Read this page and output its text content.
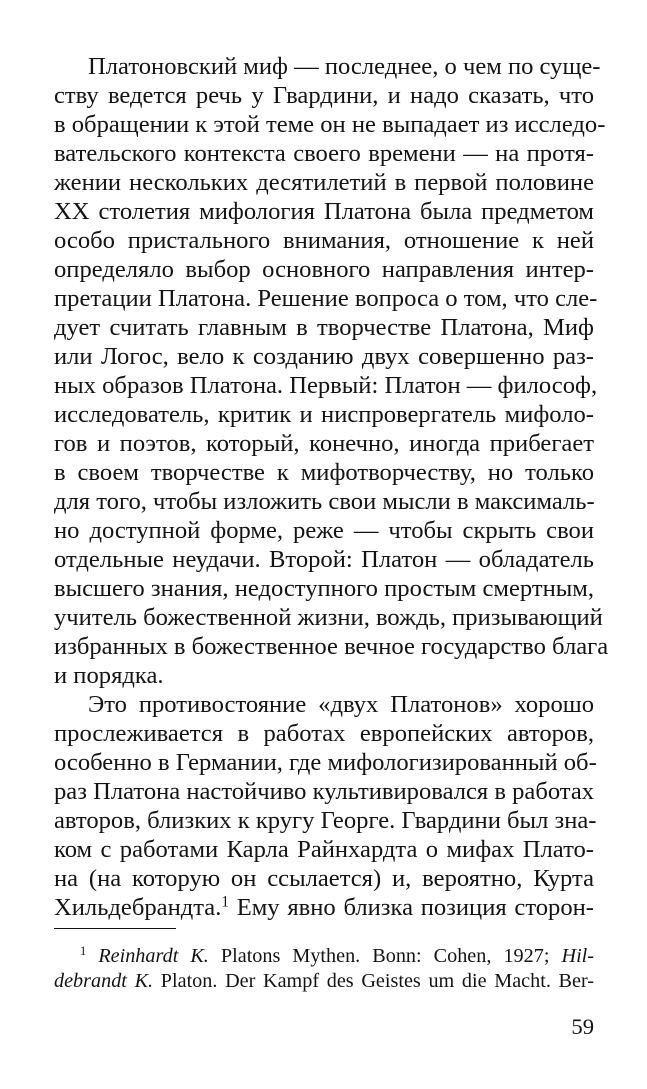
Платоновский миф — последнее, о чем по суще-

ству ведется речь у Гвардини, и надо сказать, что

в обращении к этой теме он не выпадает из исследо-

вательского контекста своего времени — на протя-

жении нескольких десятилетий в первой половине

XX столетия мифология Платона была предметом

особо пристального внимания, отношение к ней

определяло выбор основного направления интер-

претации Платона. Решение вопроса о том, что сле-

дует считать главным в творчестве Платона, Миф

или Логос, вело к созданию двух совершенно раз-

ных образов Платона. Первый: Платон — философ,

исследователь, критик и ниспровергатель мифоло-

гов и поэтов, который, конечно, иногда прибегает

в своем творчестве к мифотворчеству, но только

для того, чтобы изложить свои мысли в максималь-

но доступной форме, реже — чтобы скрыть свои

отдельные неудачи. Второй: Платон — обладатель

высшего знания, недоступного простым смертным,

учитель божественной жизни, вождь, призывающий

избранных в божественное вечное государство блага

и порядка.

Это противостояние «двух Платонов» хорошо

прослеживается в работах европейских авторов,

особенно в Германии, где мифологизированный об-

раз Платона настойчиво культивировался в работах

авторов, близких к кругу Георге. Гвардини был зна-

ком с работами Карла Райнхардта о мифах Плато-

на (на которую он ссылается) и, вероятно, Курта

Хильдебрандта.$^1$ Ему явно близка позиция сторон-

$^1$ Reinhardt K. Platons Mythen. Bonn: Cohen, 1927; Hil-

debrandt K. Platon. Der Kampf des Geistes um die Macht. Ber-

59
